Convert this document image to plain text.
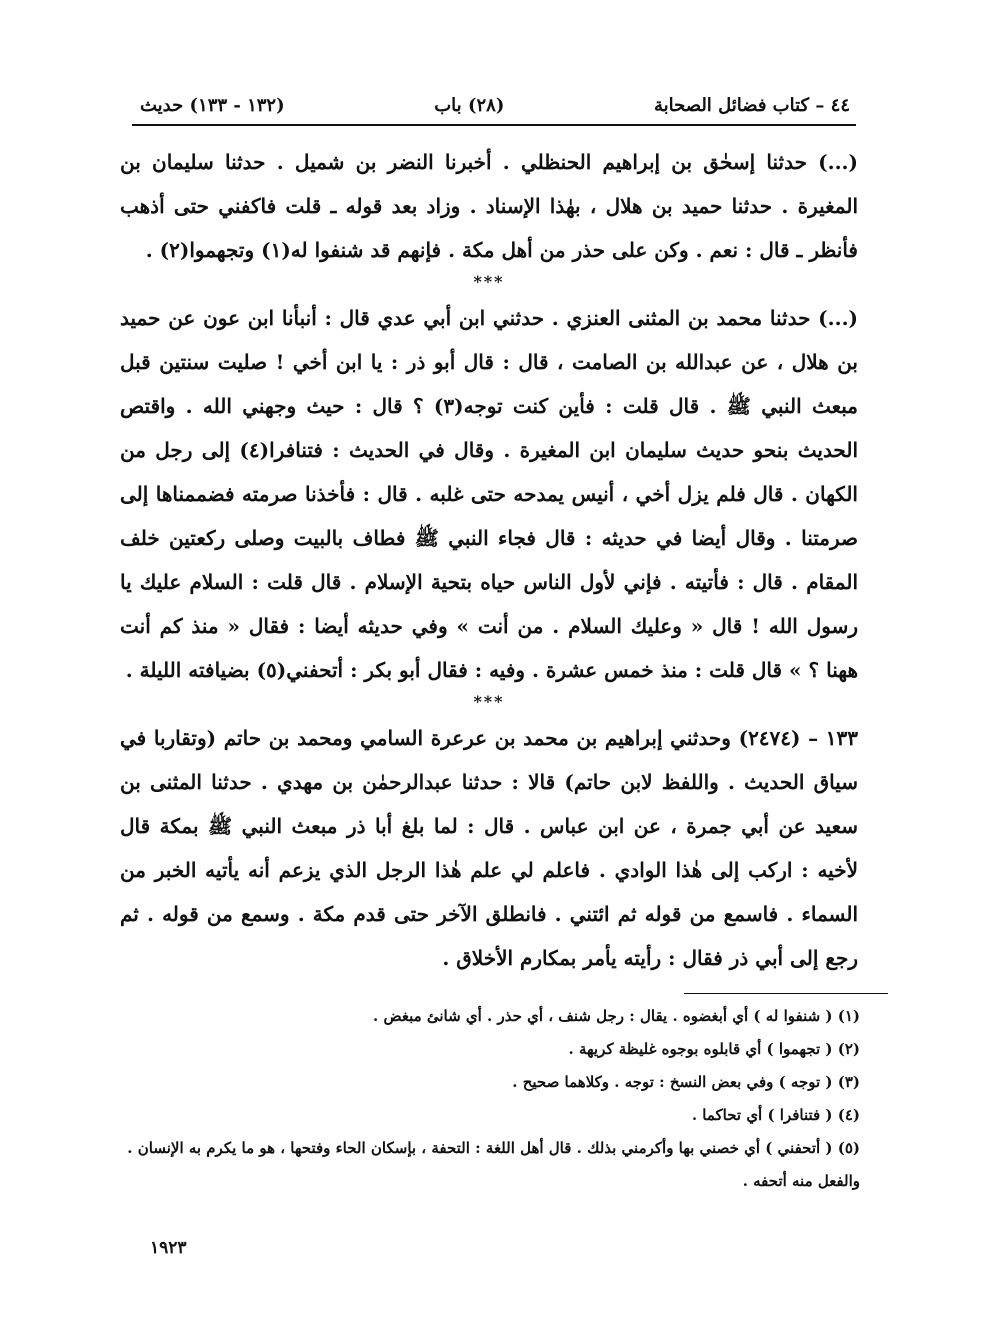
٤٤ – كتاب فضائل الصحابة
(٢٨) باب
(١٣٢ - ١٣٣) حديث

(...) حدثنا إسحٰق بن إبراهيم الحنظلي . أخبرنا النضر بن شميل . حدثنا سليمان بن المغيرة . حدثنا حميد بن هلال ، بهٰذا الإسناد . وزاد بعد قوله ـ قلت فاكفني حتى أذهب فأنظر ـ قال : نعم . وكن على حذر من أهل مكة . فإنهم قد شنفوا له(١) وتجهموا(٢) .

***

(...) حدثنا محمد بن المثنى العنزي . حدثني ابن أبي عدي قال : أنبأنا ابن عون عن حميد بن هلال ، عن عبدالله بن الصامت ، قال : قال أبو ذر : يا ابن أخي ! صليت سنتين قبل مبعث النبي ﷺ . قال قلت : فأين كنت توجه(٣) ؟ قال : حيث وجهني الله . واقتص الحديث بنحو حديث سليمان ابن المغيرة . وقال في الحديث : فتنافرا(٤) إلى رجل من الكهان . قال فلم يزل أخي ، أنيس يمدحه حتى غلبه . قال : فأخذنا صرمته فضممناها إلى صرمتنا . وقال أيضا في حديثه : قال فجاء النبي ﷺ فطاف بالبيت وصلى ركعتين خلف المقام . قال : فأتيته . فإني لأول الناس حياه بتحية الإسلام . قال قلت : السلام عليك يا رسول الله ! قال « وعليك السلام . من أنت » وفي حديثه أيضا : فقال « منذ كم أنت ههنا ؟ » قال قلت : منذ خمس عشرة . وفيه : فقال أبو بكر : أتحفني(٥) بضيافته الليلة .

***

١٣٣ – (٢٤٧٤) وحدثني إبراهيم بن محمد بن عرعرة السامي ومحمد بن حاتم (وتقاربا في سياق الحديث . واللفظ لابن حاتم) قالا : حدثنا عبدالرحمٰن بن مهدي . حدثنا المثنى بن سعيد عن أبي جمرة ، عن ابن عباس . قال : لما بلغ أبا ذر مبعث النبي ﷺ بمكة قال لأخيه : اركب إلى هٰذا الوادي . فاعلم لي علم هٰذا الرجل الذي يزعم أنه يأتيه الخبر من السماء . فاسمع من قوله ثم ائتني . فانطلق الآخر حتى قدم مكة . وسمع من قوله . ثم رجع إلى أبي ذر فقال : رأيته يأمر بمكارم الأخلاق .

(١) ( شنفوا له ) أي أبغضوه . يقال : رجل شنف ، أي حذر . أي شانئ مبغض .

(٢) ( تجهموا ) أي قابلوه بوجوه غليظة كريهة .

(٣) ( توجه ) وفي بعض النسخ : توجه . وكلاهما صحيح .

(٤) ( فتنافرا ) أي تحاكما .

(٥) ( أتحفني ) أي خصني بها وأكرمني بذلك . قال أهل اللغة : التحفة ، بإسكان الحاء وفتحها ، هو ما يكرم به الإنسان . والفعل منه أتحفه .

١٩٢٣
